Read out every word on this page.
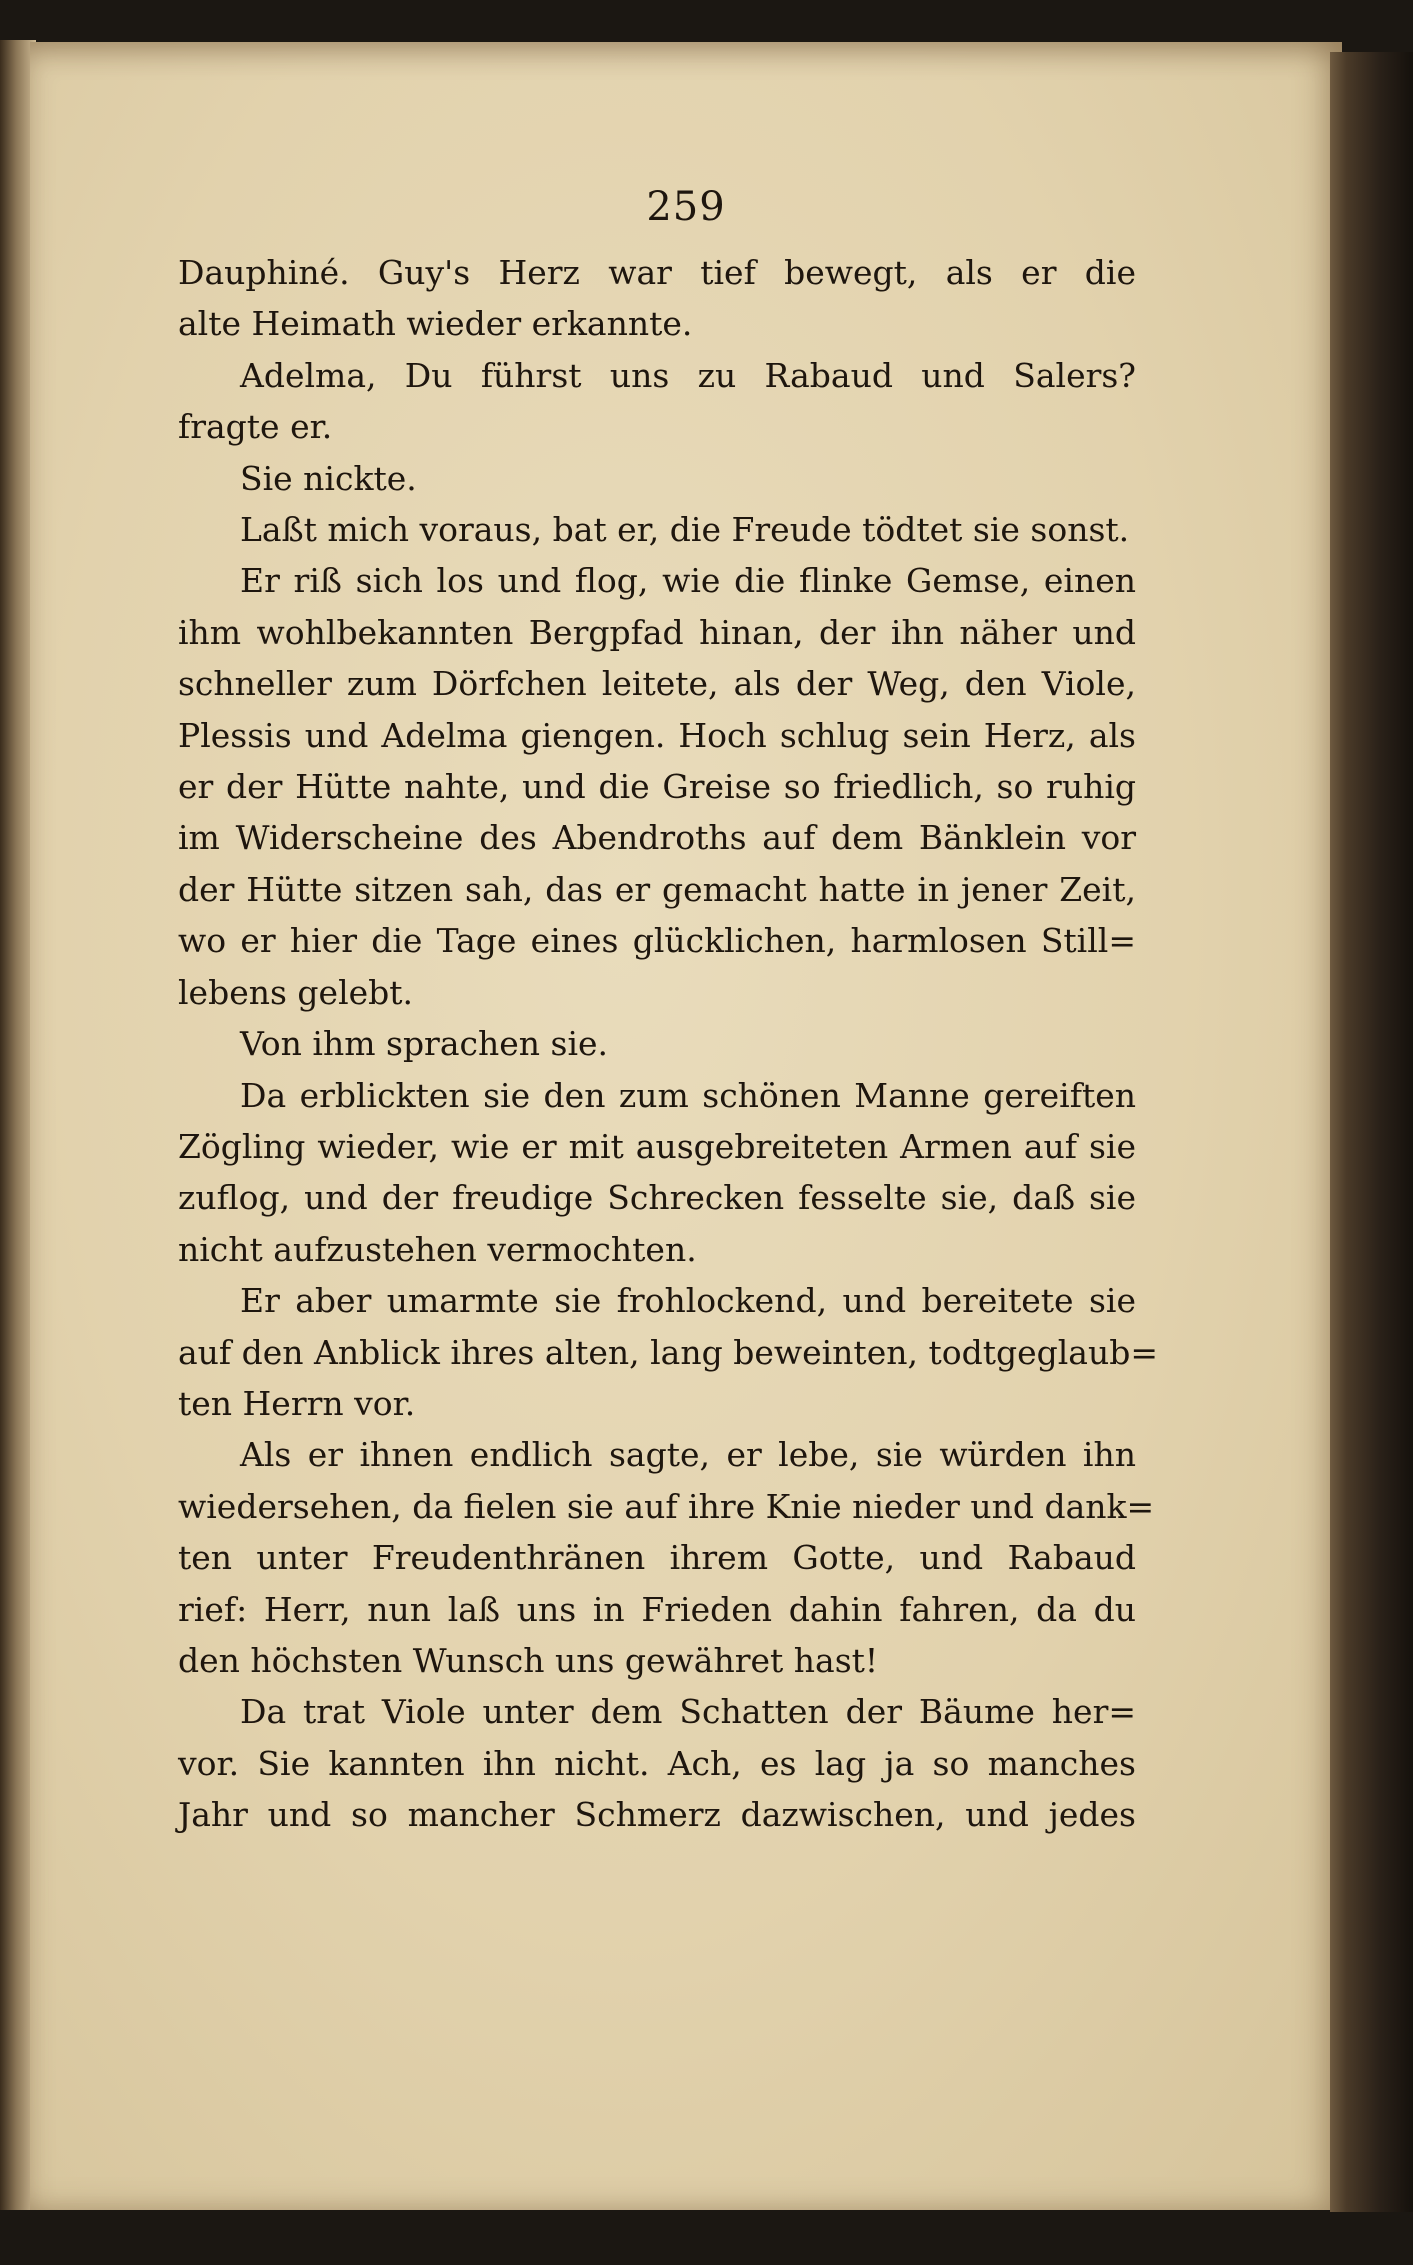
259
Dauphiné. Guy's Herz war tief bewegt, als er die
alte Heimath wieder erkannte.
Adelma, Du führst uns zu Rabaud und Salers?
fragte er.
Sie nickte.
Laßt mich voraus, bat er, die Freude tödtet sie sonst.
Er riß sich los und flog, wie die flinke Gemse, einen
ihm wohlbekannten Bergpfad hinan, der ihn näher und
schneller zum Dörfchen leitete, als der Weg, den Viole,
Plessis und Adelma giengen. Hoch schlug sein Herz, als
er der Hütte nahte, und die Greise so friedlich, so ruhig
im Widerscheine des Abendroths auf dem Bänklein vor
der Hütte sitzen sah, das er gemacht hatte in jener Zeit,
wo er hier die Tage eines glücklichen, harmlosen Still=
lebens gelebt.
Von ihm sprachen sie.
Da erblickten sie den zum schönen Manne gereiften
Zögling wieder, wie er mit ausgebreiteten Armen auf sie
zuflog, und der freudige Schrecken fesselte sie, daß sie
nicht aufzustehen vermochten.
Er aber umarmte sie frohlockend, und bereitete sie
auf den Anblick ihres alten, lang beweinten, todtgeglaub=
ten Herrn vor.
Als er ihnen endlich sagte, er lebe, sie würden ihn
wiedersehen, da fielen sie auf ihre Knie nieder und dank=
ten unter Freudenthränen ihrem Gotte, und Rabaud
rief: Herr, nun laß uns in Frieden dahin fahren, da du
den höchsten Wunsch uns gewähret hast!
Da trat Viole unter dem Schatten der Bäume her=
vor. Sie kannten ihn nicht. Ach, es lag ja so manches
Jahr und so mancher Schmerz dazwischen, und jedes
